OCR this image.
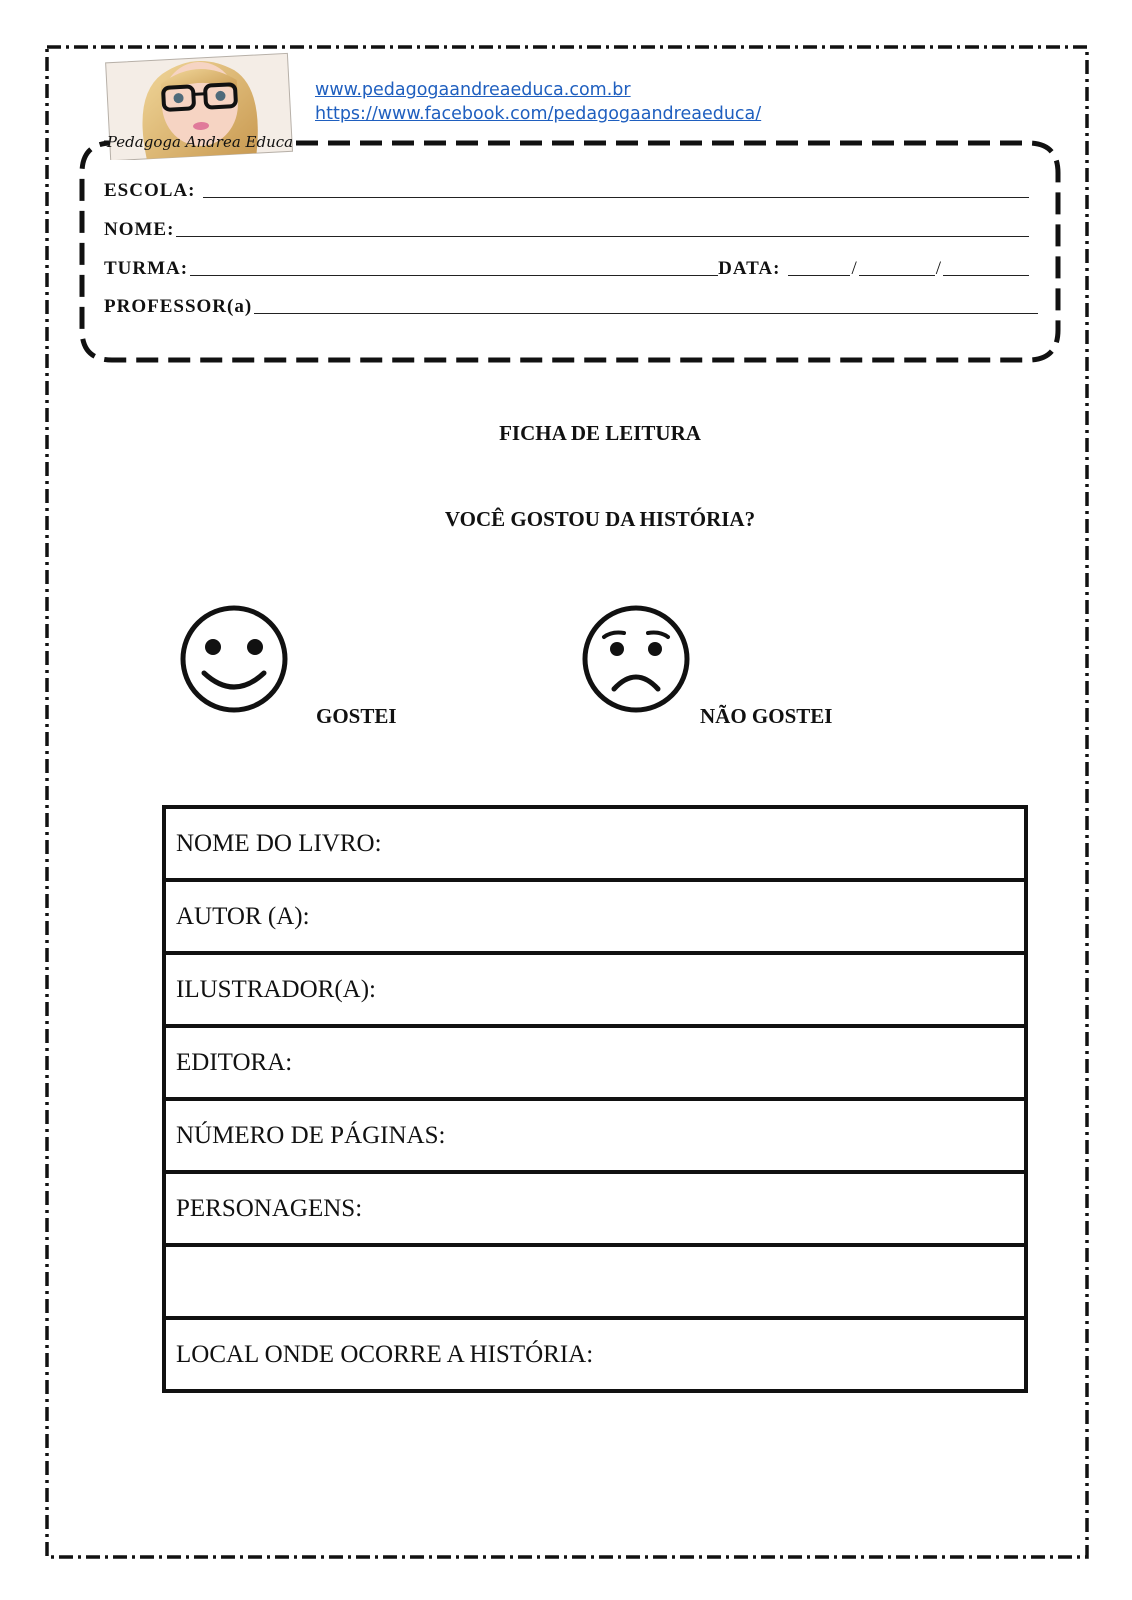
Pedagoga Andrea Educa
www.pedagogaandreaeduca.com.br
https://www.facebook.com/pedagogaandreaeduca/
ESCOLA:
NOME:
TURMA:	DATA:	/	/
PROFESSOR(a)
FICHA DE LEITURA
VOCÊ GOSTOU DA HISTÓRIA?
GOSTEI	NÃO GOSTEI
NOME DO LIVRO:
AUTOR (A):
ILUSTRADOR(A):
EDITORA:
NÚMERO DE PÁGINAS:
PERSONAGENS:

LOCAL ONDE OCORRE A HISTÓRIA:
